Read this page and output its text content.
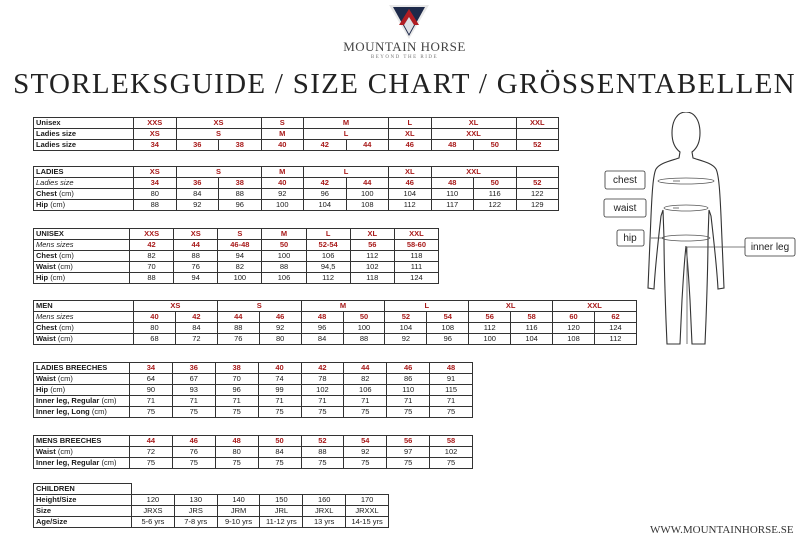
MOUNTAIN HORSE
BEYOND THE RIDE
STORLEKSGUIDE / SIZE CHART / GRÖSSENTABELLEN
Unisex	XXS	XS		S	M		L	XL		XXL
Ladies size	XS	S		M	L		XL	XXL		
Ladies size	34	36	38	40	42	44	46	48	50	52
LADIES	XS	S		M	L		XL	XXL		
Ladies size	34	36	38	40	42	44	46	48	50	52
Chest (cm)	80	84	88	92	96	100	104	110	116	122
Hip (cm)	88	92	96	100	104	108	112	117	122	129
UNISEX	XXS	XS	S	M	L	XL	XXL
Mens sizes	42	44	46-48	50	52-54	56	58-60
Chest (cm)	82	88	94	100	106	112	118
Waist (cm)	70	76	82	88	94,5	102	111
Hip (cm)	88	94	100	106	112	118	124
MEN	XS		S		M		L		XL		XXL	
Mens sizes	40	42	44	46	48	50	52	54	56	58	60	62
Chest (cm)	80	84	88	92	96	100	104	108	112	116	120	124
Waist (cm)	68	72	76	80	84	88	92	96	100	104	108	112
LADIES BREECHES	34	36	38	40	42	44	46	48
Waist (cm)	64	67	70	74	78	82	86	91
Hip (cm)	90	93	96	99	102	106	110	115
Inner leg, Regular (cm)	71	71	71	71	71	71	71	71
Inner leg, Long (cm)	75	75	75	75	75	75	75	75
MENS BREECHES	44	46	48	50	52	54	56	58
Waist (cm)	72	76	80	84	88	92	97	102
Inner leg, Regular (cm)	75	75	75	75	75	75	75	75
CHILDREN						
Height/Size	120	130	140	150	160	170
Size	JRXS	JRS	JRM	JRL	JRXL	JRXXL
Age/Size	5-6 yrs	7-8 yrs	9-10 yrs	11-12 yrs	13 yrs	14-15 yrs
chest
waist
hip
inner leg
WWW.MOUNTAINHORSE.SE
